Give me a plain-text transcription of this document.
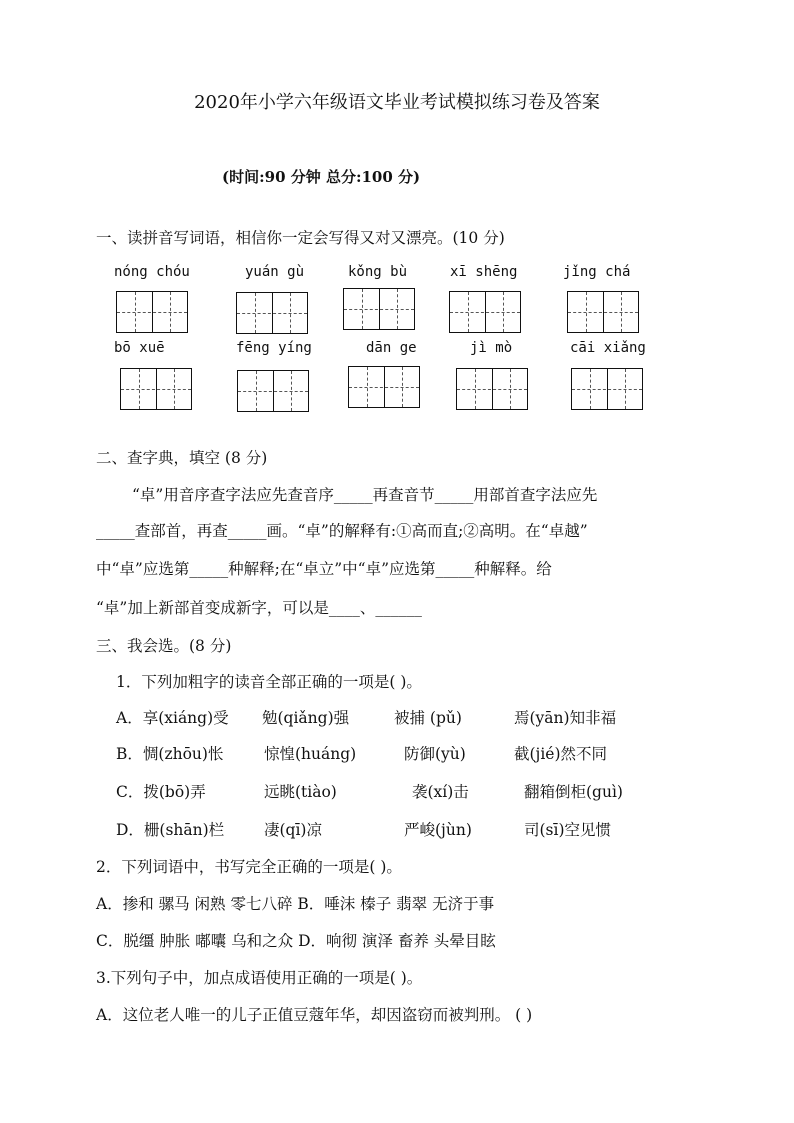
2020年小学六年级语文毕业考试模拟练习卷及答案
(时间:90 分钟 总分:100 分)
一、读拼音写词语，相信你一定会写得又对又漂亮。(10 分)
nóng chóu	yuán gù	kǒng bù	xī shēng	jǐng chá
bō xuē	fēng yíng	dān ge	jì mò	cāi xiǎng
二、查字典，填空 (8 分)
“卓”用音序查字法应先查音序_____再查音节_____用部首查字法应先
_____查部首，再查_____画。“卓”的解释有:①高而直;②高明。在“卓越”
中“卓”应选第_____种解释;在“卓立”中“卓”应选第_____种解释。给
“卓”加上新部首变成新字，可以是____、______
三、我会选。(8 分)
1．下列加粗字的读音全部正确的一项是( )。
A．享(xiáng)受 勉(qiǎng)强	被捕 (pǔ)	焉(yān)知非福
B．惆(zhōu)怅	惊惶(huáng)	防御(yù)	截(jié)然不同
C．拨(bō)弄	远眺(tiào)	袭(xí)击	翻箱倒柜(guì)
D．栅(shān)栏	凄(qī)凉	严峻(jùn)	司(sī)空见惯
2．下列词语中，书写完全正确的一项是( )。
A．掺和 骡马 闲熟 零七八碎 B．唾沫 榛子 翡翠 无济于事
C．脱缰 肿胀 嘟囔 乌和之众 D．响彻 演泽 畜养 头晕目眩
3.下列句子中，加点成语使用正确的一项是( )。
A．这位老人唯一的儿子正值豆蔻年华，却因盗窃而被判刑。 ( )
